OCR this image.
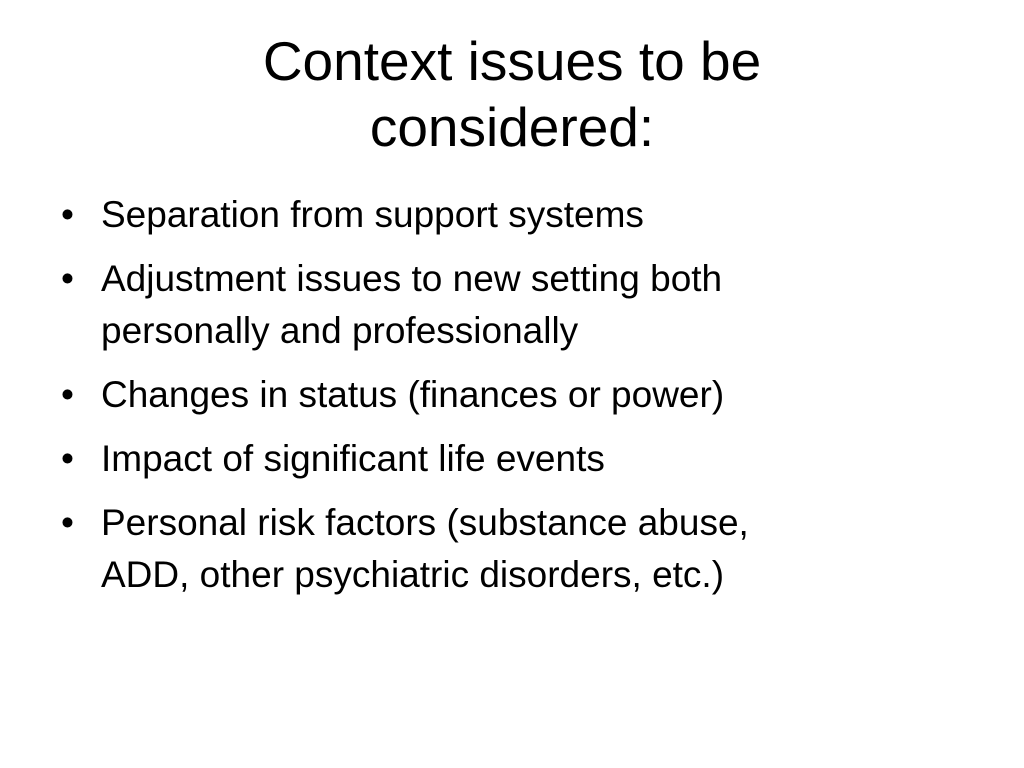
Context issues to be
considered:
• Separation from support systems
• Adjustment issues to new setting both
personally and professionally
• Changes in status (finances or power)
• Impact of significant life events
• Personal risk factors (substance abuse,
ADD, other psychiatric disorders, etc.)
